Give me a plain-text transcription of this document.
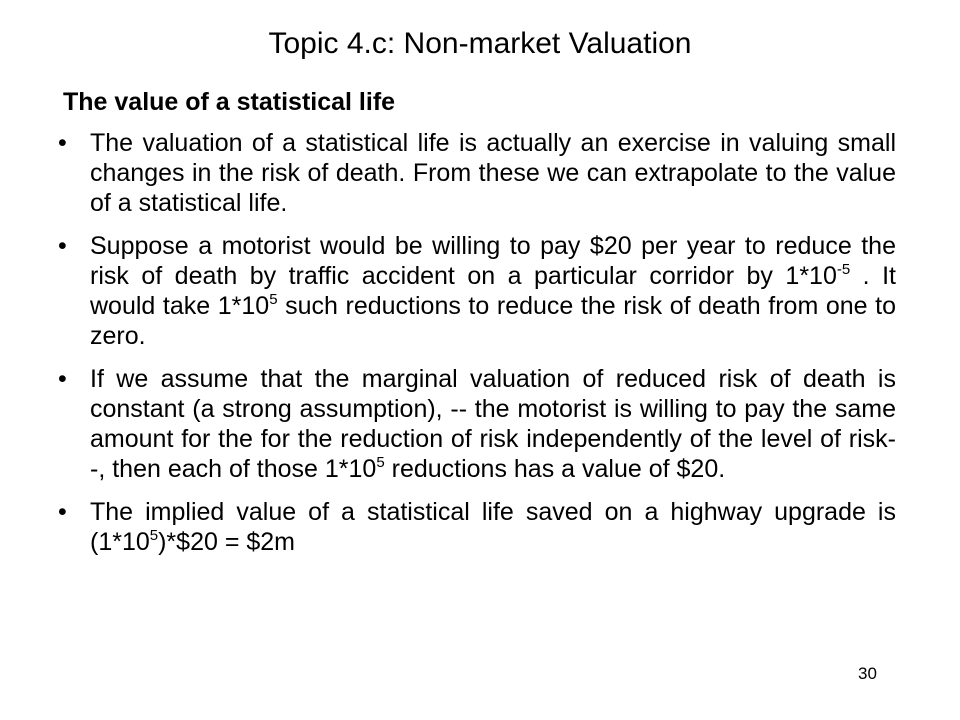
Topic 4.c: Non-market Valuation
The value of a statistical life
• The valuation of a statistical life is actually an exercise in valuing small changes in the risk of death. From these we can extrapolate to the value of a statistical life.
• Suppose a motorist would be willing to pay $20 per year to reduce the risk of death by traffic accident on a particular corridor by $1*10^{-5}$ . It would take $1*10^5$ such reductions to reduce the risk of death from one to zero.
• If we assume that the marginal valuation of reduced risk of death is constant (a strong assumption), -- the motorist is willing to pay the same amount for the for the reduction of risk independently of the level of risk--, then each of those $1*10^5$ reductions has a value of $20.
• The implied value of a statistical life saved on a highway upgrade is $(1*10^5)*\$20$ = $2m
30
